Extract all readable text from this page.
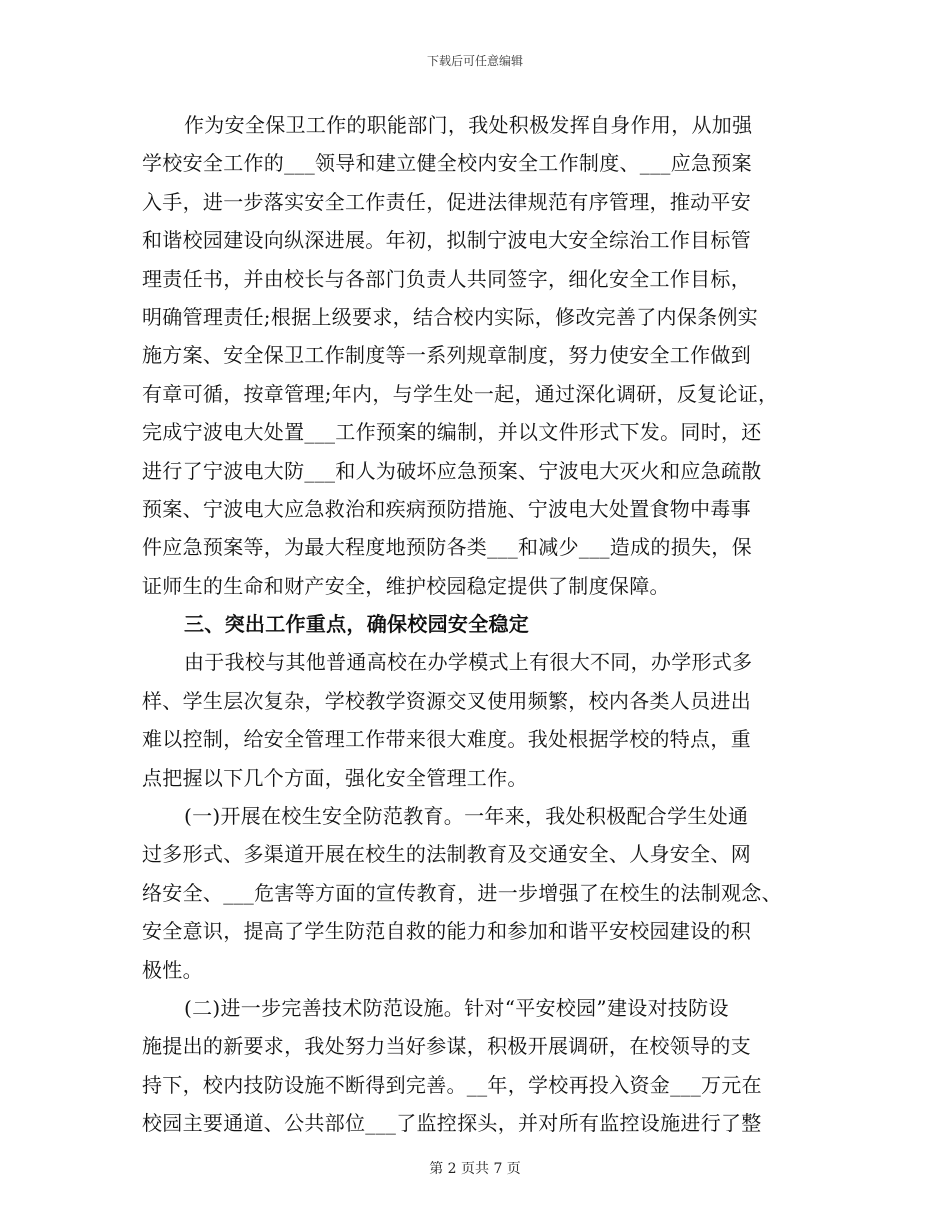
下载后可任意编辑
作为安全保卫工作的职能部门，我处积极发挥自身作用，从加强
学校安全工作的___领导和建立健全校内安全工作制度、___应急预案
入手，进一步落实安全工作责任，促进法律规范有序管理，推动平安
和谐校园建设向纵深进展。年初，拟制宁波电大安全综治工作目标管
理责任书，并由校长与各部门负责人共同签字，细化安全工作目标，
明确管理责任;根据上级要求，结合校内实际，修改完善了内保条例实
施方案、安全保卫工作制度等一系列规章制度，努力使安全工作做到
有章可循，按章管理;年内，与学生处一起，通过深化调研，反复论证，
完成宁波电大处置___工作预案的编制，并以文件形式下发。同时，还
进行了宁波电大防___和人为破坏应急预案、宁波电大灭火和应急疏散
预案、宁波电大应急救治和疾病预防措施、宁波电大处置食物中毒事
件应急预案等，为最大程度地预防各类___和减少___造成的损失，保
证师生的生命和财产安全，维护校园稳定提供了制度保障。
三、突出工作重点，确保校园安全稳定
由于我校与其他普通高校在办学模式上有很大不同，办学形式多
样、学生层次复杂，学校教学资源交叉使用频繁，校内各类人员进出
难以控制，给安全管理工作带来很大难度。我处根据学校的特点，重
点把握以下几个方面，强化安全管理工作。
(一)开展在校生安全防范教育。一年来，我处积极配合学生处通
过多形式、多渠道开展在校生的法制教育及交通安全、人身安全、网
络安全、___危害等方面的宣传教育，进一步增强了在校生的法制观念、
安全意识，提高了学生防范自救的能力和参加和谐平安校园建设的积
极性。
(二)进一步完善技术防范设施。针对“平安校园”建设对技防设
施提出的新要求，我处努力当好参谋，积极开展调研，在校领导的支
持下，校内技防设施不断得到完善。__年，学校再投入资金___万元在
校园主要通道、公共部位___了监控探头，并对所有监控设施进行了整
第 2 页共 7 页
